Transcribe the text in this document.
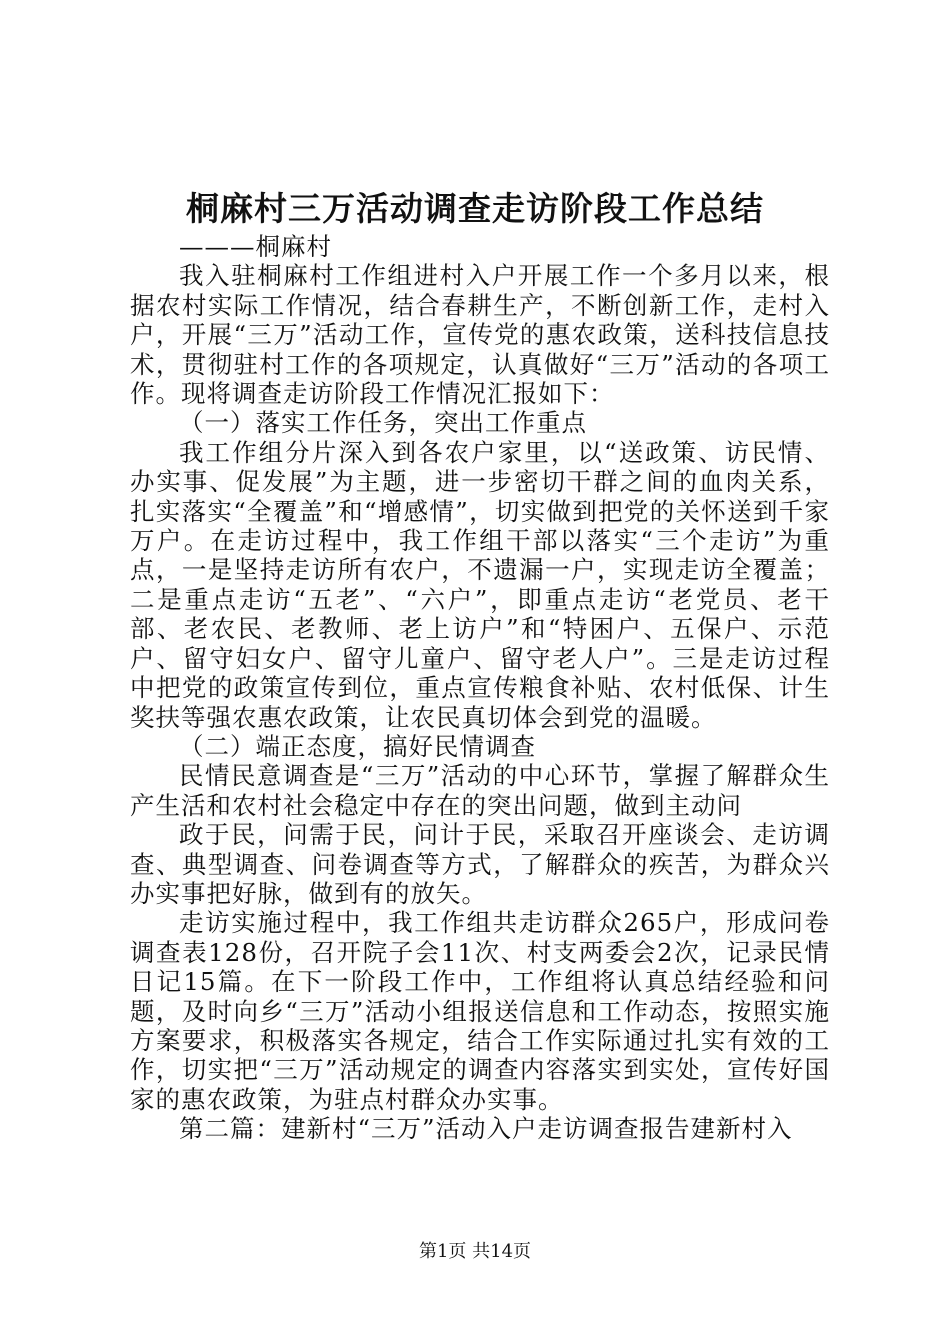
桐麻村三万活动调查走访阶段工作总结

———桐麻村

我入驻桐麻村工作组进村入户开展工作一个多月以来，根据农村实际工作情况，结合春耕生产，不断创新工作，走村入户，开展“三万”活动工作，宣传党的惠农政策，送科技信息技术，贯彻驻村工作的各项规定，认真做好“三万”活动的各项工作。现将调查走访阶段工作情况汇报如下：

（一）落实工作任务，突出工作重点

我工作组分片深入到各农户家里，以“送政策、访民情、办实事、促发展”为主题，进一步密切干群之间的血肉关系，扎实落实“全覆盖”和“增感情”，切实做到把党的关怀送到千家万户。在走访过程中，我工作组干部以落实“三个走访”为重点，一是坚持走访所有农户，不遗漏一户，实现走访全覆盖；二是重点走访“五老”、“六户”，即重点走访“老党员、老干部、老农民、老教师、老上访户”和“特困户、五保户、示范户、留守妇女户、留守儿童户、留守老人户”。三是走访过程中把党的政策宣传到位，重点宣传粮食补贴、农村低保、计生奖扶等强农惠农政策，让农民真切体会到党的温暖。

（二）端正态度，搞好民情调查

民情民意调查是“三万”活动的中心环节，掌握了解群众生产生活和农村社会稳定中存在的突出问题，做到主动问

政于民，问需于民，问计于民，采取召开座谈会、走访调查、典型调查、问卷调查等方式，了解群众的疾苦，为群众兴办实事把好脉，做到有的放矢。

走访实施过程中，我工作组共走访群众265户，形成问卷调查表128份，召开院子会11次、村支两委会2次，记录民情日记15篇。在下一阶段工作中，工作组将认真总结经验和问题，及时向乡“三万”活动小组报送信息和工作动态，按照实施方案要求，积极落实各规定，结合工作实际通过扎实有效的工作，切实把“三万”活动规定的调查内容落实到实处，宣传好国家的惠农政策，为驻点村群众办实事。

第二篇：建新村“三万”活动入户走访调查报告建新村入

第1页 共14页
